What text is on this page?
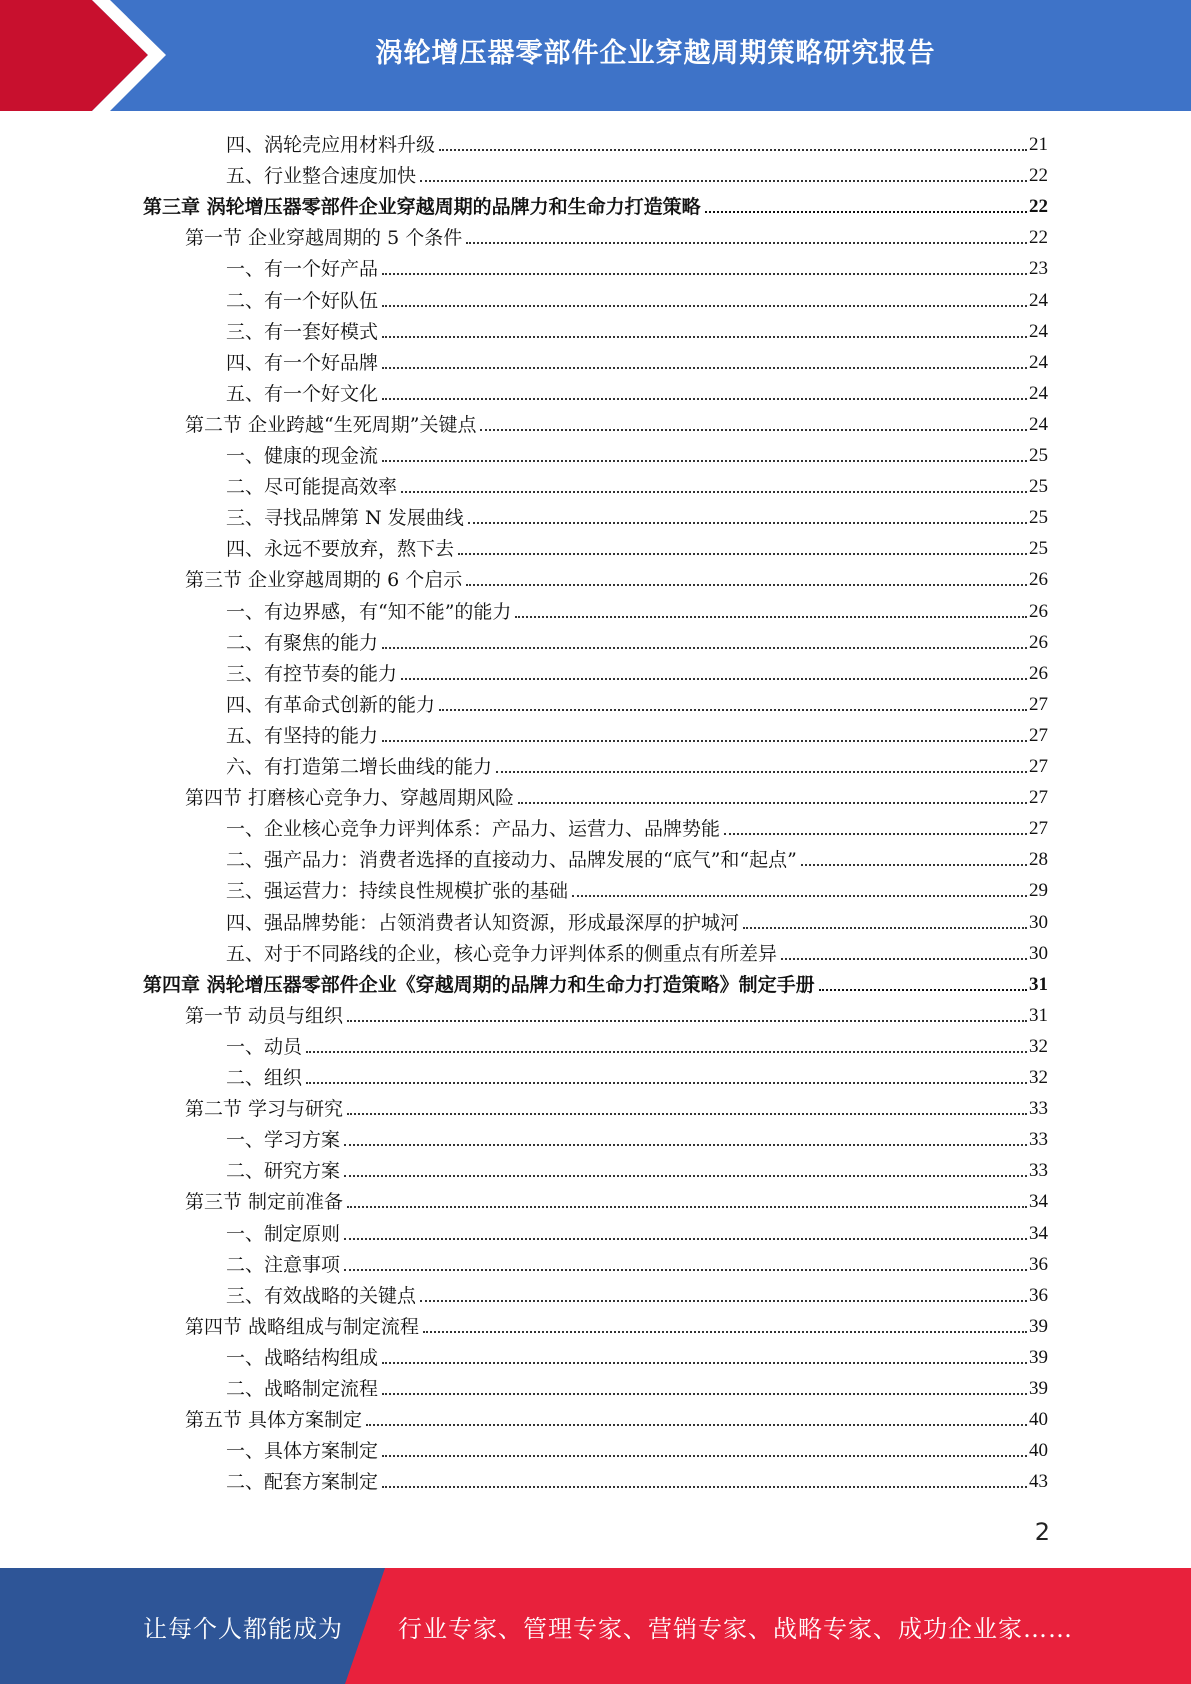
涡轮增压器零部件企业穿越周期策略研究报告
四、涡轮壳应用材料升级	21
五、行业整合速度加快	22
第三章 涡轮增压器零部件企业穿越周期的品牌力和生命力打造策略	22
第一节 企业穿越周期的 5 个条件	22
一、有一个好产品	23
二、有一个好队伍	24
三、有一套好模式	24
四、有一个好品牌	24
五、有一个好文化	24
第二节 企业跨越“生死周期”关键点	24
一、健康的现金流	25
二、尽可能提高效率	25
三、寻找品牌第 N 发展曲线	25
四、永远不要放弃，熬下去	25
第三节 企业穿越周期的 6 个启示	26
一、有边界感，有“知不能”的能力	26
二、有聚焦的能力	26
三、有控节奏的能力	26
四、有革命式创新的能力	27
五、有坚持的能力	27
六、有打造第二增长曲线的能力	27
第四节 打磨核心竞争力、穿越周期风险	27
一、企业核心竞争力评判体系：产品力、运营力、品牌势能	27
二、强产品力：消费者选择的直接动力、品牌发展的“底气”和“起点”	28
三、强运营力：持续良性规模扩张的基础	29
四、强品牌势能：占领消费者认知资源，形成最深厚的护城河	30
五、对于不同路线的企业，核心竞争力评判体系的侧重点有所差异	30
第四章 涡轮增压器零部件企业《穿越周期的品牌力和生命力打造策略》制定手册	31
第一节 动员与组织	31
一、动员	32
二、组织	32
第二节 学习与研究	33
一、学习方案	33
二、研究方案	33
第三节 制定前准备	34
一、制定原则	34
二、注意事项	36
三、有效战略的关键点	36
第四节 战略组成与制定流程	39
一、战略结构组成	39
二、战略制定流程	39
第五节 具体方案制定	40
一、具体方案制定	40
二、配套方案制定	43
2
让每个人都能成为 行业专家、管理专家、营销专家、战略专家、成功企业家……
